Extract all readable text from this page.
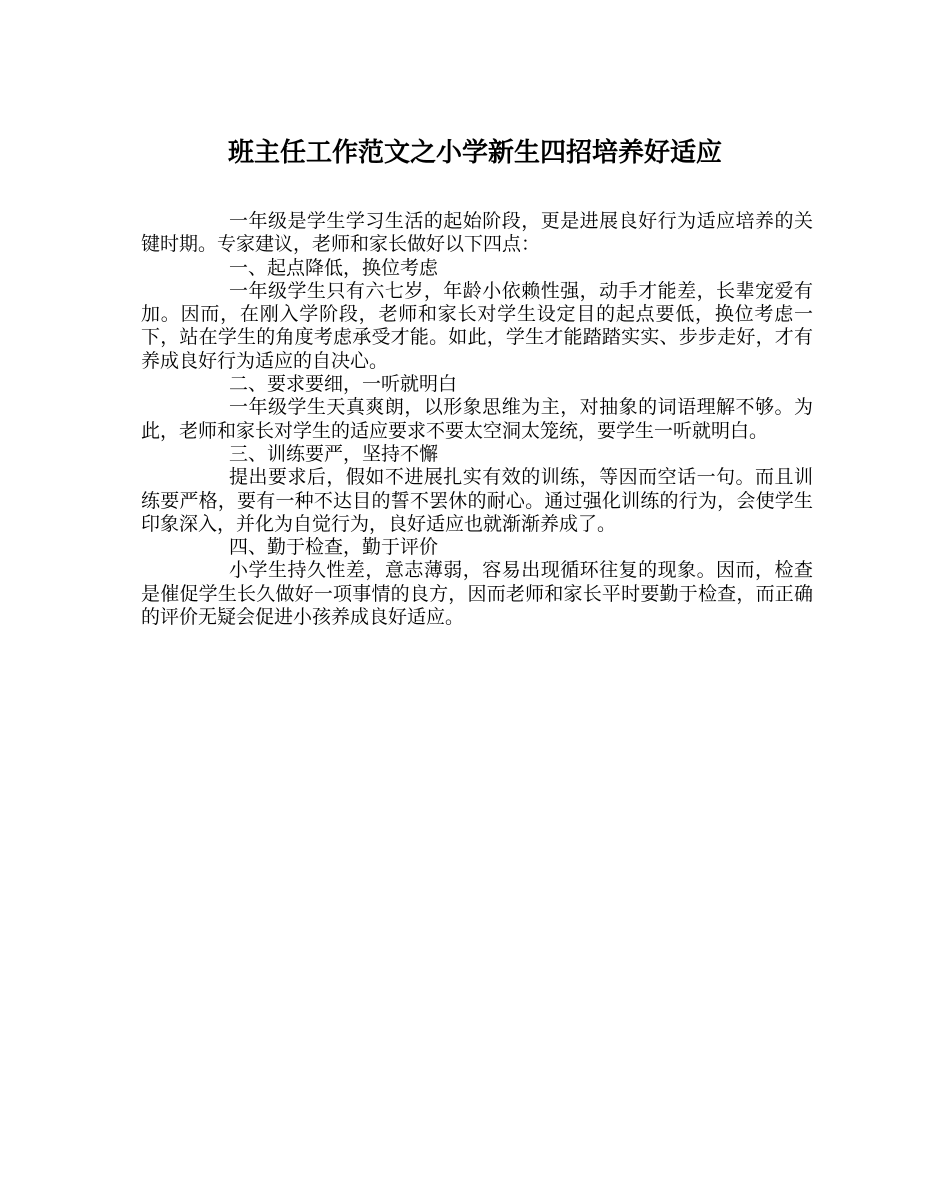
班主任工作范文之小学新生四招培养好适应

一年级是学生学习生活的起始阶段，更是进展良好行为适应培养的关键时期。专家建议，老师和家长做好以下四点：

一、起点降低，换位考虑

一年级学生只有六七岁，年龄小依赖性强，动手才能差，长辈宠爱有加。因而，在刚入学阶段，老师和家长对学生设定目的起点要低，换位考虑一下，站在学生的角度考虑承受才能。如此，学生才能踏踏实实、步步走好，才有养成良好行为适应的自决心。

二、要求要细，一听就明白

一年级学生天真爽朗，以形象思维为主，对抽象的词语理解不够。为此，老师和家长对学生的适应要求不要太空洞太笼统，要学生一听就明白。

三、训练要严，坚持不懈

提出要求后，假如不进展扎实有效的训练，等因而空话一句。而且训练要严格，要有一种不达目的誓不罢休的耐心。通过强化训练的行为，会使学生印象深入，并化为自觉行为，良好适应也就渐渐养成了。

四、勤于检查，勤于评价

小学生持久性差，意志薄弱，容易出现循环往复的现象。因而，检查是催促学生长久做好一项事情的良方，因而老师和家长平时要勤于检查，而正确的评价无疑会促进小孩养成良好适应。
